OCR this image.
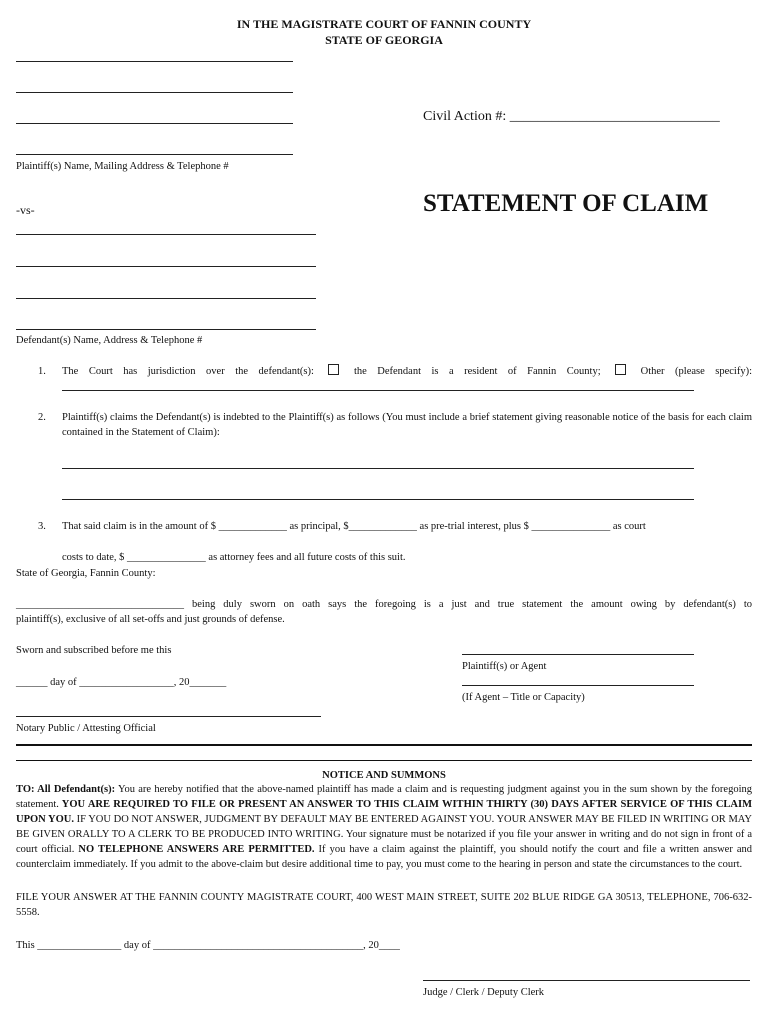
IN THE MAGISTRATE COURT OF FANNIN COUNTY
STATE OF GEORGIA
Plaintiff(s) Name, Mailing Address & Telephone #
Civil Action #: ______________________________
-vs-	STATEMENT OF CLAIM
Defendant(s) Name, Address & Telephone #
1.	The Court has jurisdiction over the defendant(s):	the Defendant is a resident of Fannin County;	Other (please specify):
2.	Plaintiff(s) claims the Defendant(s) is indebted to the Plaintiff(s) as follows (You must include a brief statement giving reasonable notice of the basis for each claim contained in the Statement of Claim):
3.	That said claim is in the amount of $ _____________ as principal, $_____________ as pre-trial interest, plus $ _______________ as court
costs to date, $ _______________ as attorney fees and all future costs of this suit.
State of Georgia, Fannin County:
________________________________ being duly sworn on oath says the foregoing is a just and true statement the amount owing by defendant(s) to
plaintiff(s), exclusive of all set-offs and just grounds of defense.
Sworn and subscribed before me this
______ day of __________________, 20_______
Notary Public / Attesting Official
Plaintiff(s) or Agent
(If Agent – Title or Capacity)
NOTICE AND SUMMONS
TO: All Defendant(s): You are hereby notified that the above-named plaintiff has made a claim and is requesting judgment against you in the sum shown by the foregoing statement. YOU ARE REQUIRED TO FILE OR PRESENT AN ANSWER TO THIS CLAIM WITHIN THIRTY (30) DAYS AFTER SERVICE OF THIS CLAIM UPON YOU. IF YOU DO NOT ANSWER, JUDGMENT BY DEFAULT MAY BE ENTERED AGAINST YOU. YOUR ANSWER MAY BE FILED IN WRITING OR MAY BE GIVEN ORALLY TO A CLERK TO BE PRODUCED INTO WRITING. Your signature must be notarized if you file your answer in writing and do not sign in front of a court official. NO TELEPHONE ANSWERS ARE PERMITTED. If you have a claim against the plaintiff, you should notify the court and file a written answer and counterclaim immediately. If you admit to the above-claim but desire additional time to pay, you must come to the hearing in person and state the circumstances to the court.
FILE YOUR ANSWER AT THE FANNIN COUNTY MAGISTRATE COURT, 400 WEST MAIN STREET, SUITE 202 BLUE RIDGE GA 30513, TELEPHONE, 706-632-5558.
This ________________ day of ________________________________________, 20____
Judge / Clerk / Deputy Clerk
